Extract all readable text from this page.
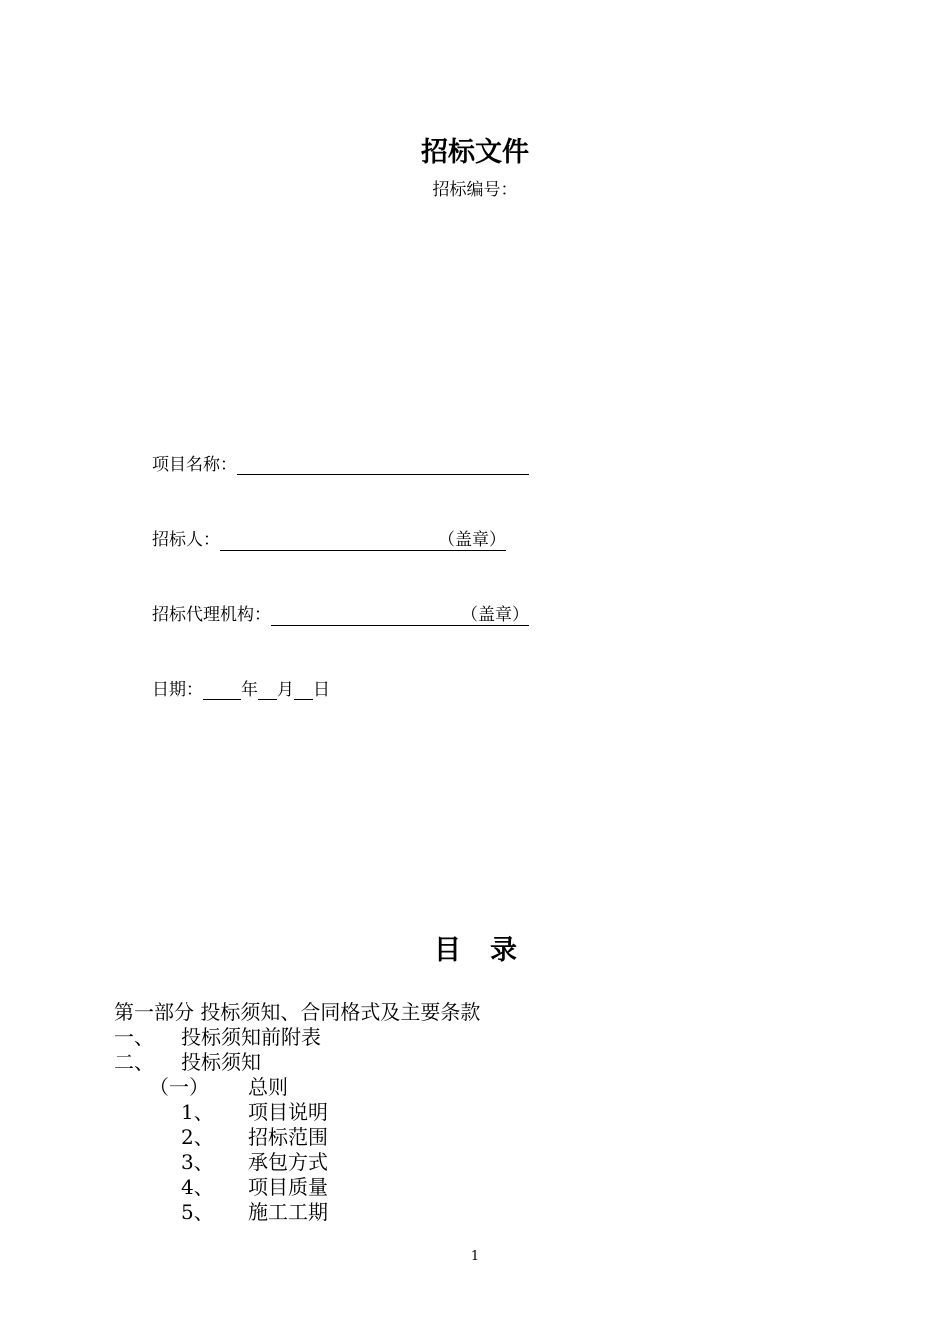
招标文件
招标编号：
项目名称：
招标人：	（盖章）
招标代理机构：	（盖章）
日期： 年 月 日
目 录
第一部分 投标须知、合同格式及主要条款
一、 投标须知前附表
二、 投标须知
（一） 总则
1、 项目说明
2、 招标范围
3、 承包方式
4、 项目质量
5、 施工工期
1
